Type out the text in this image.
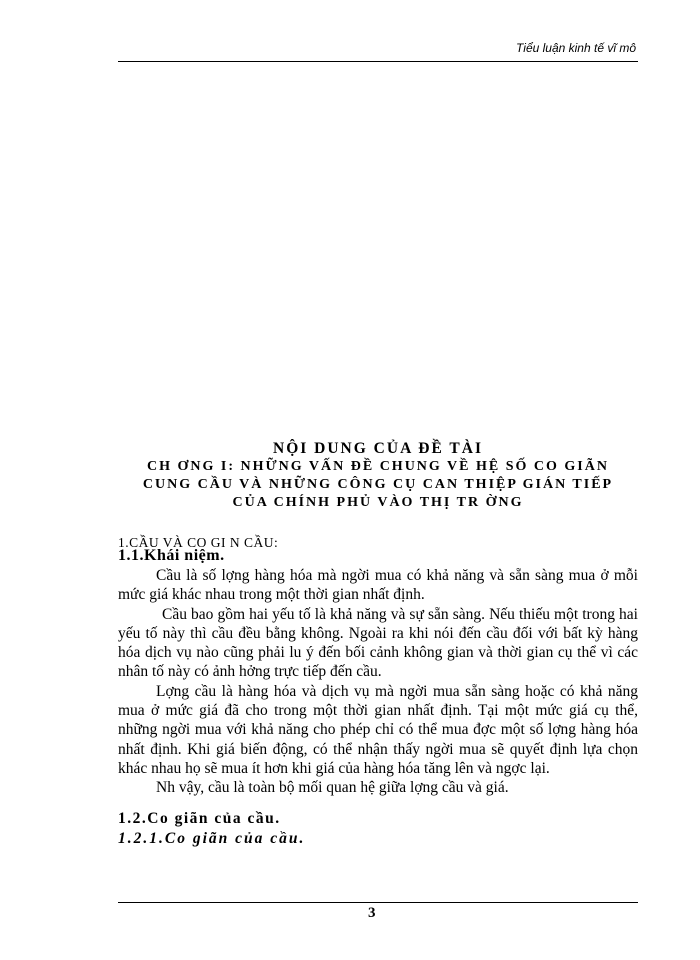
Tiểu luận kinh tế vĩ mô
NỘI DUNG CỦA ĐỀ TÀI
CH ƠNG I: NHỮNG VẤN ĐỀ CHUNG VỀ HỆ SỐ CO GIÃN
CUNG CẦU VÀ NHỮNG CÔNG CỤ CAN THIỆP GIÁN TIẾP
CỦA CHÍNH PHỦ VÀO THỊ TR ỜNG
1.CẦU VÀ CO GI N CẦU:
1.1.Khái niệm.

Cầu là số lợng hàng hóa mà ngời mua có khả năng và sẵn sàng mua ở mỗi mức giá khác nhau trong một thời gian nhất định.

Cầu bao gồm hai yếu tố là khả năng và sự sẵn sàng. Nếu thiếu một trong hai yếu tố này thì cầu đều bằng không. Ngoài ra khi nói đến cầu đối với bất kỳ hàng hóa dịch vụ nào cũng phải lu ý đến bối cảnh không gian và thời gian cụ thể vì các nhân tố này có ảnh hởng trực tiếp đến cầu.

Lợng cầu là hàng hóa và dịch vụ mà ngời mua sẵn sàng hoặc có khả năng mua ở mức giá đã cho trong một thời gian nhất định. Tại một mức giá cụ thể, những ngời mua với khả năng cho phép chỉ có thể mua đợc một số lợng hàng hóa nhất định. Khi giá biến động, có thể nhận thấy ngời mua sẽ quyết định lựa chọn khác nhau họ sẽ mua ít hơn khi giá của hàng hóa tăng lên và ngợc lại.

Nh vậy, cầu là toàn bộ mối quan hệ giữa lợng cầu và giá.

1.2.Co giãn của cầu.
1.2.1.Co giãn của cầu.
3
